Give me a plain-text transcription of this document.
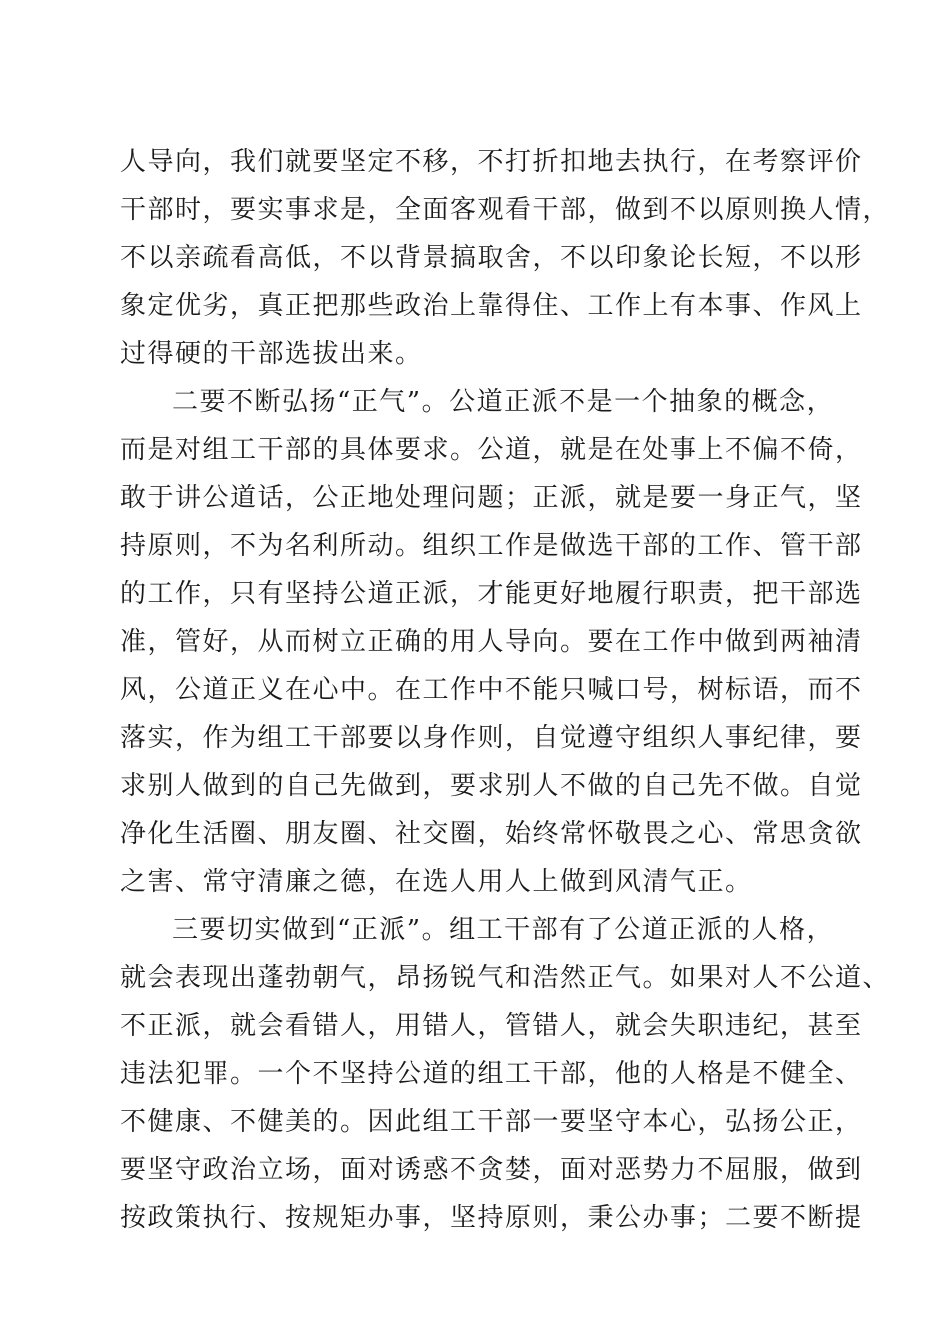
人导向，我们就要坚定不移，不打折扣地去执行，在考察评价
干部时，要实事求是，全面客观看干部，做到不以原则换人情，
不以亲疏看高低，不以背景搞取舍，不以印象论长短，不以形
象定优劣，真正把那些政治上靠得住、工作上有本事、作风上
过得硬的干部选拔出来。
二要不断弘扬“正气”。公道正派不是一个抽象的概念，
而是对组工干部的具体要求。公道，就是在处事上不偏不倚，
敢于讲公道话，公正地处理问题；正派，就是要一身正气，坚
持原则，不为名利所动。组织工作是做选干部的工作、管干部
的工作，只有坚持公道正派，才能更好地履行职责，把干部选
准，管好，从而树立正确的用人导向。要在工作中做到两袖清
风，公道正义在心中。在工作中不能只喊口号，树标语，而不
落实，作为组工干部要以身作则，自觉遵守组织人事纪律，要
求别人做到的自己先做到，要求别人不做的自己先不做。自觉
净化生活圈、朋友圈、社交圈，始终常怀敬畏之心、常思贪欲
之害、常守清廉之德，在选人用人上做到风清气正。
三要切实做到“正派”。组工干部有了公道正派的人格，
就会表现出蓬勃朝气，昂扬锐气和浩然正气。如果对人不公道、
不正派，就会看错人，用错人，管错人，就会失职违纪，甚至
违法犯罪。一个不坚持公道的组工干部，他的人格是不健全、
不健康、不健美的。因此组工干部一要坚守本心，弘扬公正，
要坚守政治立场，面对诱惑不贪婪，面对恶势力不屈服，做到
按政策执行、按规矩办事，坚持原则，秉公办事；二要不断提
